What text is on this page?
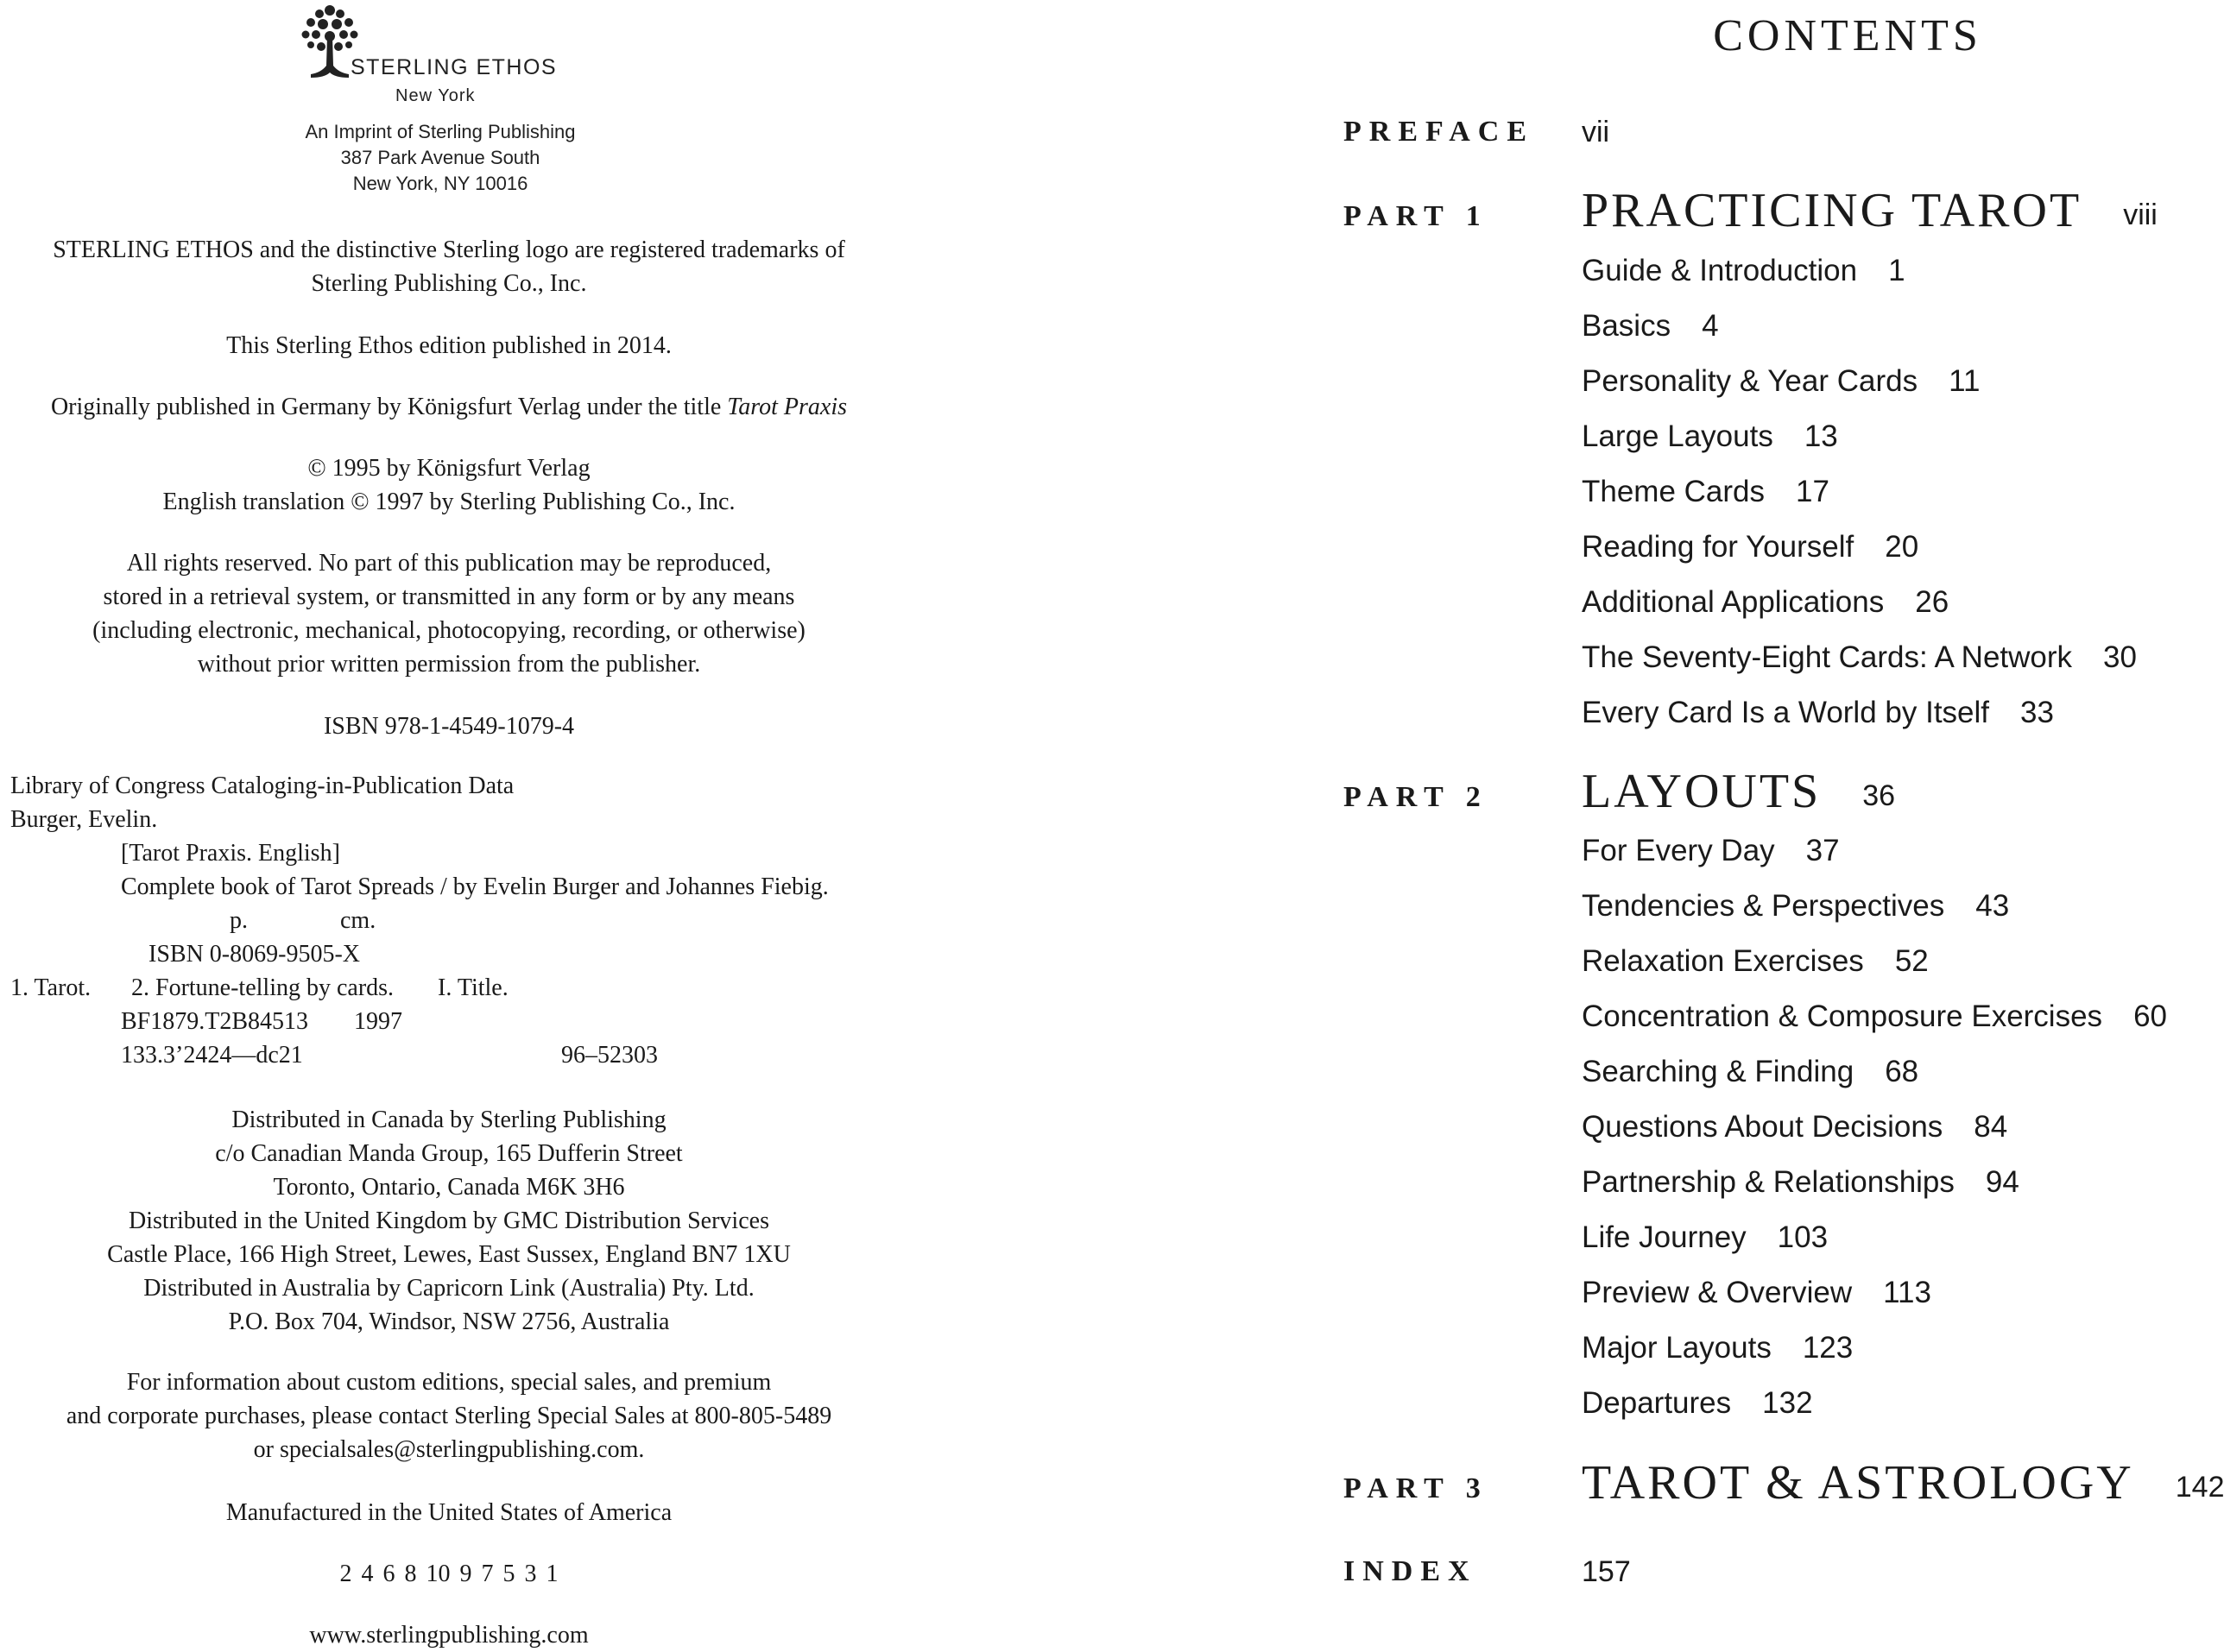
STERLING ETHOS
New York
An Imprint of Sterling Publishing
387 Park Avenue South
New York, NY 10016
STERLING ETHOS and the distinctive Sterling logo are registered trademarks of
Sterling Publishing Co., Inc.
This Sterling Ethos edition published in 2014.
Originally published in Germany by Königsfurt Verlag under the title Tarot Praxis
© 1995 by Königsfurt Verlag
English translation © 1997 by Sterling Publishing Co., Inc.
All rights reserved. No part of this publication may be reproduced,
stored in a retrieval system, or transmitted in any form or by any means
(including electronic, mechanical, photocopying, recording, or otherwise)
without prior written permission from the publisher.
ISBN 978-1-4549-1079-4
Library of Congress Cataloging-in-Publication Data
Burger, Evelin.
[Tarot Praxis. English]
Complete book of Tarot Spreads / by Evelin Burger and Johannes Fiebig.
p.	cm.
ISBN 0-8069-9505-X
1. Tarot. 2. Fortune-telling by cards. I. Title.
BF1879.T2B84513 1997
133.3’2424—dc21	96–52303
Distributed in Canada by Sterling Publishing
c/o Canadian Manda Group, 165 Dufferin Street
Toronto, Ontario, Canada M6K 3H6
Distributed in the United Kingdom by GMC Distribution Services
Castle Place, 166 High Street, Lewes, East Sussex, England BN7 1XU
Distributed in Australia by Capricorn Link (Australia) Pty. Ltd.
P.O. Box 704, Windsor, NSW 2756, Australia
For information about custom editions, special sales, and premium
and corporate purchases, please contact Sterling Special Sales at 800-805-5489
or specialsales@sterlingpublishing.com.
Manufactured in the United States of America
2 4 6 8 10 9 7 5 3 1
www.sterlingpublishing.com
CONTENTS
PREFACE vii
PART 1 PRACTICING TAROT viii
Guide & Introduction 1
Basics 4
Personality & Year Cards 11
Large Layouts 13
Theme Cards 17
Reading for Yourself 20
Additional Applications 26
The Seventy-Eight Cards: A Network 30
Every Card Is a World by Itself 33
PART 2 LAYOUTS 36
For Every Day 37
Tendencies & Perspectives 43
Relaxation Exercises 52
Concentration & Composure Exercises 60
Searching & Finding 68
Questions About Decisions 84
Partnership & Relationships 94
Life Journey 103
Preview & Overview 113
Major Layouts 123
Departures 132
PART 3 TAROT & ASTROLOGY 142
INDEX	157
